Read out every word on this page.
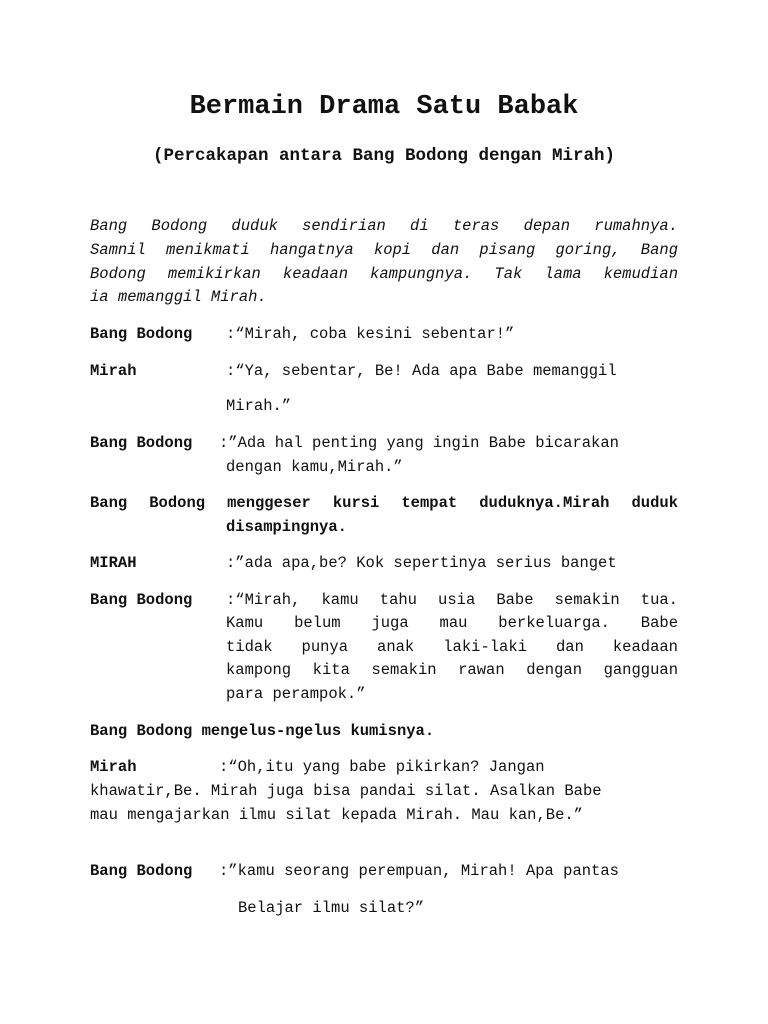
Bermain Drama Satu Babak
(Percakapan antara Bang Bodong dengan Mirah)
Bang Bodong duduk sendirian di teras depan rumahnya.
Samnil menikmati hangatnya kopi dan pisang goring, Bang
Bodong memikirkan keadaan kampungnya. Tak lama kemudian
ia memanggil Mirah.
Bang Bodong :“Mirah, coba kesini sebentar!”
Mirah	:“Ya, sebentar, Be! Ada apa Babe memanggil
Mirah.”
Bang Bodong :”Ada hal penting yang ingin Babe bicarakan
dengan kamu,Mirah.”
Bang Bodong menggeser kursi tempat duduknya.Mirah duduk
disampingnya.
MIRAH	:”ada apa,be? Kok sepertinya serius banget
Bang Bodong :“Mirah, kamu tahu usia Babe semakin tua.
Kamu belum juga mau berkeluarga. Babe
tidak punya anak laki-laki dan keadaan
kampong kita semakin rawan dengan gangguan
para perampok.”
Bang Bodong mengelus-ngelus kumisnya.
Mirah	:“Oh,itu yang babe pikirkan? Jangan
khawatir,Be. Mirah juga bisa pandai silat. Asalkan Babe
mau mengajarkan ilmu silat kepada Mirah. Mau kan,Be.”
Bang Bodong :”kamu seorang perempuan, Mirah! Apa pantas
Belajar ilmu silat?”
